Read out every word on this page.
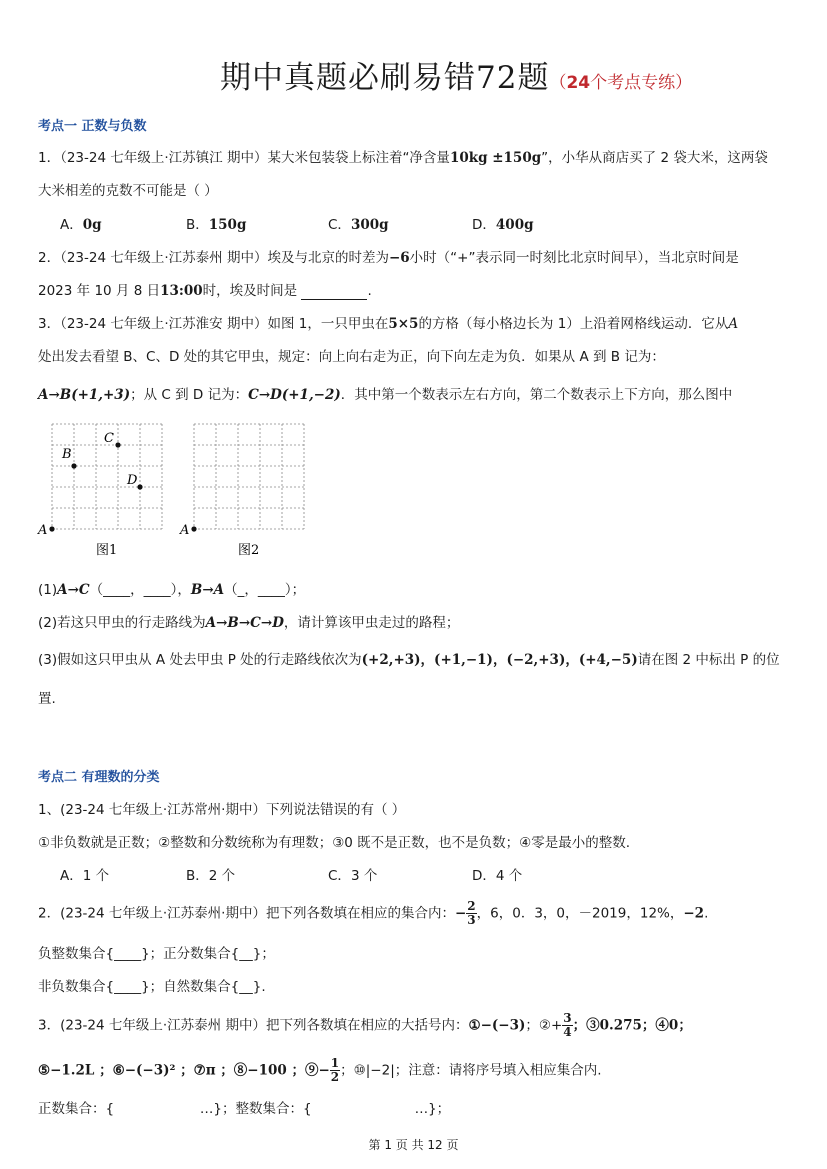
期中真题必刷易错72题（24个考点专练）
考点一 正数与负数
1．（23-24 七年级上·江苏镇江 期中）某大米包装袋上标注着“净含量10kg ±150g”，小华从商店买了 2 袋大米，这两袋
大米相差的克数不可能是（ ）
A．0g	B．150g	C．300g	D．400g
2．（23-24 七年级上·江苏泰州 期中）埃及与北京的时差为−6小时（“+”表示同一时刻比北京时间早），当北京时间是
2023 年 10 月 8 日13:00时，埃及时间是	.
3．（23-24 七年级上·江苏淮安 期中）如图 1，一只甲虫在5×5的方格（每小格边长为 1）上沿着网格线运动．它从A
处出发去看望 B、C、D 处的其它甲虫，规定：向上向右走为正，向下向左走为负．如果从 A 到 B 记为：
A→B(+1,+3)；从 C 到 D 记为：C→D(+1,−2)．其中第一个数表示左右方向，第二个数表示上下方向，那么图中
A
B
C
D
图1
A
图2
(1)A→C（____，____），B→A（_，____）；
(2)若这只甲虫的行走路线为A→B→C→D，请计算该甲虫走过的路程；
(3)假如这只甲虫从 A 处去甲虫 P 处的行走路线依次为(+2,+3)，(+1,−1)，(−2,+3)，(+4,−5)请在图 2 中标出 P 的位
置.
考点二 有理数的分类
1、(23-24 七年级上·江苏常州·期中）下列说法错误的有（ ）
①非负数就是正数；②整数和分数统称为有理数；③0 既不是正数，也不是负数；④零是最小的整数.
A．1 个	B．2 个	C．3 个	D．4 个
2．(23-24 七年级上·江苏泰州·期中）把下列各数填在相应的集合内：− $\frac{2}{3}$ ，6，0．3，0，－2019，12%，−2.
负整数集合{____}；正分数集合{__}；
非负数集合{____}；自然数集合{__}.
3．(23-24 七年级上·江苏泰州 期中）把下列各数填在相应的大括号内：①−(−3)；②+ $\frac{3}{4}$ ；③0.275；④0；
⑤−1.2L ；⑥−(−3)² ；⑦π ；⑧−100 ；⑨− $\frac{1}{2}$ ；⑩|−2|；注意：请将序号填入相应集合内.
正数集合：{                    …}；整数集合：{                        …}；
第 1 页 共 12 页
